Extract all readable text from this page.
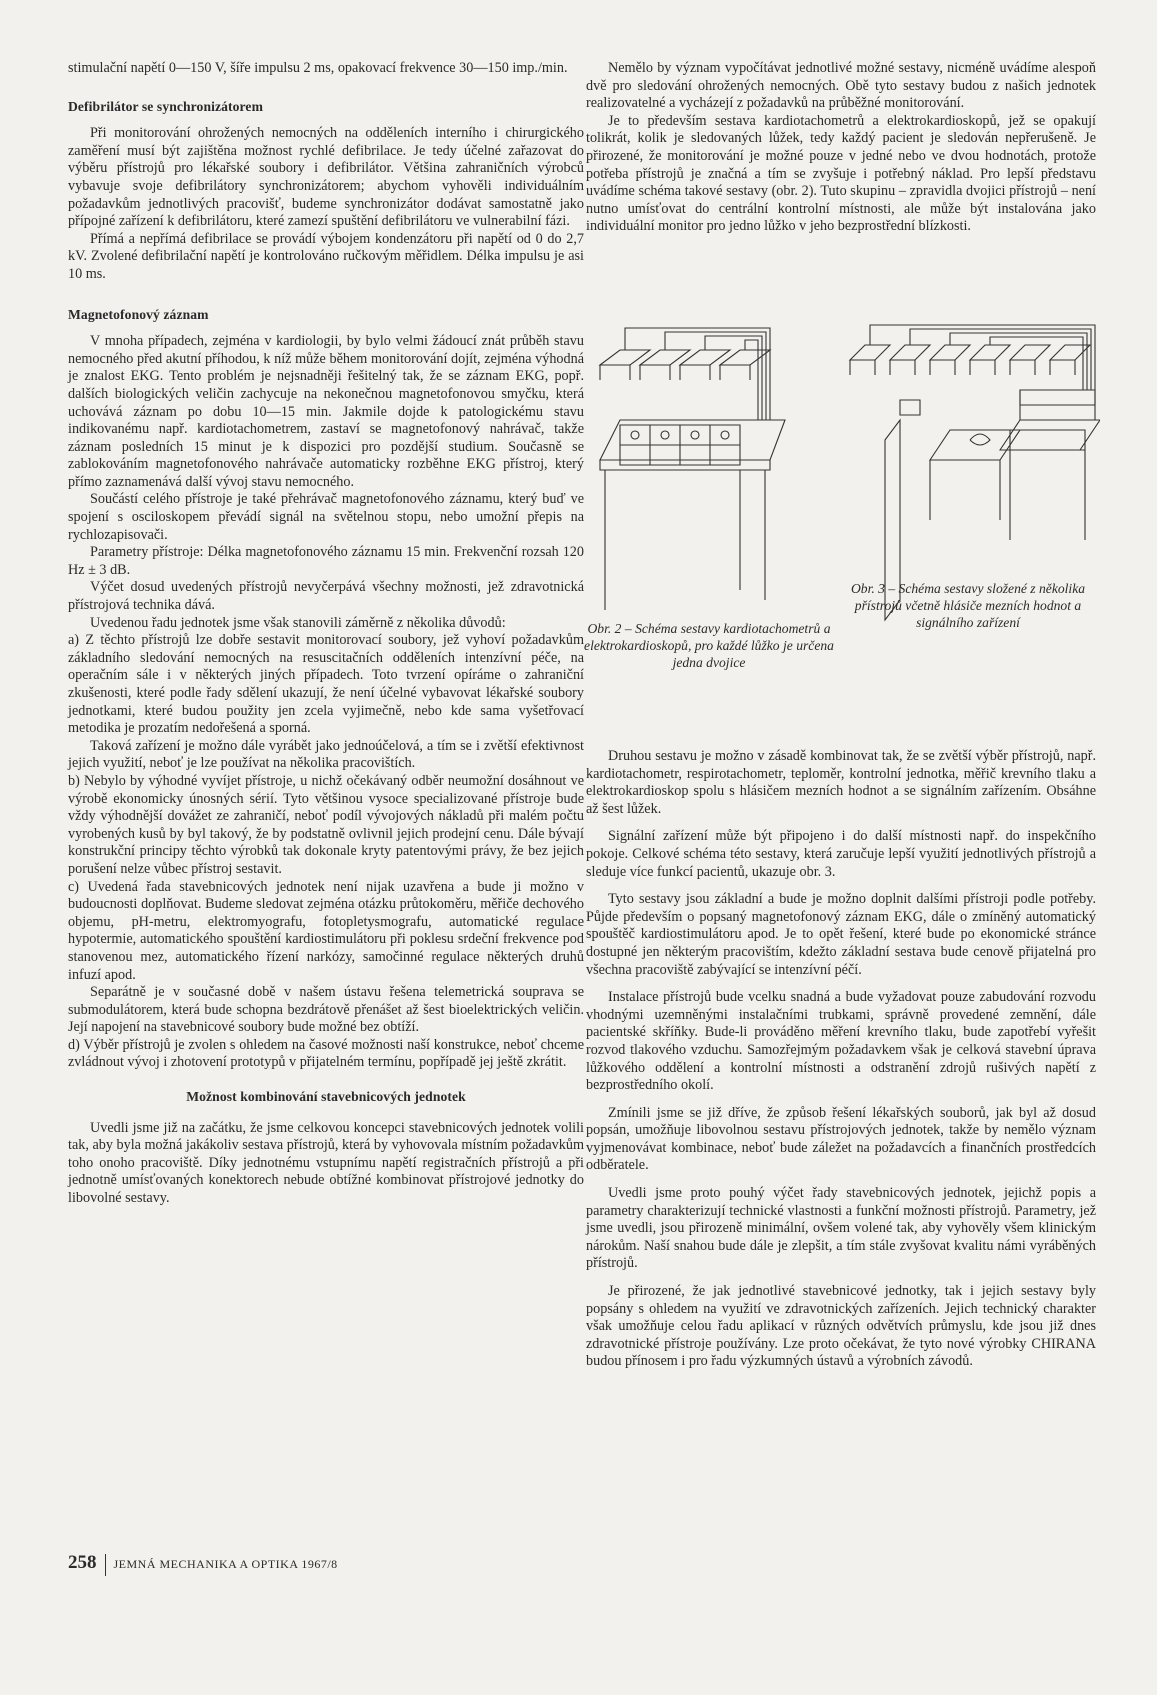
stimulační napětí 0—150 V, šíře impulsu 2 ms, opakovací frekvence 30—150 imp./min.

Defibrilátor se synchronizátorem

Při monitorování ohrožených nemocných na odděleních interního i chirurgického zaměření musí být zajištěna možnost rychlé defibrilace. Je tedy účelné zařazovat do výběru přístrojů pro lékařské soubory i defibrilátor. Většina zahraničních výrobců vybavuje svoje defibrilátory synchronizátorem; abychom vyhověli individuálním požadavkům jednotlivých pracovišť, budeme synchronizátor dodávat samostatně jako přípojné zařízení k defibrilátoru, které zamezí spuštění defibrilátoru ve vulnerabilní fázi.

Přímá a nepřímá defibrilace se provádí výbojem kondenzátoru při napětí od 0 do 2,7 kV. Zvolené defibrilační napětí je kontrolováno ručkovým měřidlem. Délka impulsu je asi 10 ms.

Magnetofonový záznam

V mnoha případech, zejména v kardiologii, by bylo velmi žádoucí znát průběh stavu nemocného před akutní příhodou, k níž může během monitorování dojít, zejména výhodná je znalost EKG. Tento problém je nejsnadněji řešitelný tak, že se záznam EKG, popř. dalších biologických veličin zachycuje na nekonečnou magnetofonovou smyčku, která uchovává záznam po dobu 10—15 min. Jakmile dojde k patologickému stavu indikovanému např. kardiotachometrem, zastaví se magnetofonový nahrávač, takže záznam posledních 15 minut je k dispozici pro pozdější studium. Současně se zablokováním magnetofonového nahrávače automaticky rozběhne EKG přístroj, který přímo zaznamenává další vývoj stavu nemocného.

Součástí celého přístroje je také přehrávač magnetofonového záznamu, který buď ve spojení s osciloskopem převádí signál na světelnou stopu, nebo umožní přepis na rychlozapisovači.

Parametry přístroje: Délka magnetofonového záznamu 15 min. Frekvenční rozsah 120 Hz ± 3 dB.

Výčet dosud uvedených přístrojů nevyčerpává všechny možnosti, jež zdravotnická přístrojová technika dává.

Uvedenou řadu jednotek jsme však stanovili záměrně z několika důvodů:

a) Z těchto přístrojů lze dobře sestavit monitorovací soubory, jež vyhoví požadavkům základního sledování nemocných na resuscitačních odděleních intenzívní péče, na operačním sále i v některých jiných případech. Toto tvrzení opíráme o zahraniční zkušenosti, které podle řady sdělení ukazují, že není účelné vybavovat lékařské soubory jednotkami, které budou použity jen zcela vyjimečně, nebo kde sama vyšetřovací metodika je prozatím nedořešená a sporná.

Taková zařízení je možno dále vyrábět jako jednoúčelová, a tím se i zvětší efektivnost jejich využití, neboť je lze používat na několika pracovištích.

b) Nebylo by výhodné vyvíjet přístroje, u nichž očekávaný odběr neumožní dosáhnout ve výrobě ekonomicky únosných sérií. Tyto většinou vysoce specializované přístroje bude vždy výhodnější dovážet ze zahraničí, neboť podíl vývojových nákladů při malém počtu vyrobených kusů by byl takový, že by podstatně ovlivnil jejich prodejní cenu. Dále bývají konstrukční principy těchto výrobků tak dokonale kryty patentovými právy, že bez jejich porušení nelze vůbec přístroj sestavit.

c) Uvedená řada stavebnicových jednotek není nijak uzavřena a bude ji možno v budoucnosti doplňovat. Budeme sledovat zejména otázku průtokoměru, měřiče dechového objemu, pH-metru, elektromyografu, fotopletysmografu, automatické regulace hypotermie, automatického spouštění kardiostimulátoru při poklesu srdeční frekvence pod stanovenou mez, automatického řízení narkózy, samočinné regulace některých druhů infuzí apod.

Separátně je v současné době v našem ústavu řešena telemetrická souprava se submodulátorem, která bude schopna bezdrátově přenášet až šest bioelektrických veličin. Její napojení na stavebnicové soubory bude možné bez obtíží.

d) Výběr přístrojů je zvolen s ohledem na časové možnosti naší konstrukce, neboť chceme zvládnout vývoj i zhotovení prototypů v přijatelném termínu, popřípadě jej ještě zkrátit.

Možnost kombinování stavebnicových jednotek

Uvedli jsme již na začátku, že jsme celkovou koncepci stavebnicových jednotek volili tak, aby byla možná jakákoliv sestava přístrojů, která by vyhovovala místním požadavkům toho onoho pracoviště. Díky jednotnému vstupnímu napětí registračních přístrojů a při jednotně umísťovaných konektorech nebude obtížné kombinovat přístrojové jednotky do libovolné sestavy.

Nemělo by význam vypočítávat jednotlivé možné sestavy, nicméně uvádíme alespoň dvě pro sledování ohrožených nemocných. Obě tyto sestavy budou z našich jednotek realizovatelné a vycházejí z požadavků na průběžné monitorování.

Je to především sestava kardiotachometrů a elektrokardioskopů, jež se opakují tolikrát, kolik je sledovaných lůžek, tedy každý pacient je sledován nepřerušeně. Je přirozené, že monitorování je možné pouze v jedné nebo ve dvou hodnotách, protože potřeba přístrojů je značná a tím se zvyšuje i potřebný náklad. Pro lepší představu uvádíme schéma takové sestavy (obr. 2). Tuto skupinu – zpravidla dvojici přístrojů – není nutno umísťovat do centrální kontrolní místnosti, ale může být instalována jako individuální monitor pro jedno lůžko v jeho bezprostřední blízkosti.

Obr. 2 – Schéma sestavy kardiotachometrů a elektrokardioskopů, pro každé lůžko je určena jedna dvojice
Obr. 3 – Schéma sestavy složené z několika přístrojů včetně hlásiče mezních hodnot a signálního zařízení

Druhou sestavu je možno v zásadě kombinovat tak, že se zvětší výběr přístrojů, např. kardiotachometr, respirotachometr, teploměr, kontrolní jednotka, měřič krevního tlaku a elektrokardioskop spolu s hlásičem mezních hodnot a se signálním zařízením. Obsáhne až šest lůžek.

Signální zařízení může být připojeno i do další místnosti např. do inspekčního pokoje. Celkové schéma této sestavy, která zaručuje lepší využití jednotlivých přístrojů a sleduje více funkcí pacientů, ukazuje obr. 3.

Tyto sestavy jsou základní a bude je možno doplnit dalšími přístroji podle potřeby. Půjde především o popsaný magnetofonový záznam EKG, dále o zmíněný automatický spouštěč kardiostimulátoru apod. Je to opět řešení, které bude po ekonomické stránce dostupné jen některým pracovištím, kdežto základní sestava bude cenově přijatelná pro všechna pracoviště zabývající se intenzívní péčí.

Instalace přístrojů bude vcelku snadná a bude vyžadovat pouze zabudování rozvodu vhodnými uzemněnými instalačními trubkami, správně provedené zemnění, dále pacientské skříňky. Bude-li prováděno měření krevního tlaku, bude zapotřebí vyřešit rozvod tlakového vzduchu. Samozřejmým požadavkem však je celková stavební úprava lůžkového oddělení a kontrolní místnosti a odstranění zdrojů rušivých napětí z bezprostředního okolí.

Zmínili jsme se již dříve, že způsob řešení lékařských souborů, jak byl až dosud popsán, umožňuje libovolnou sestavu přístrojových jednotek, takže by nemělo význam vyjmenovávat kombinace, neboť bude záležet na požadavcích a finančních prostředcích odběratele.

Uvedli jsme proto pouhý výčet řady stavebnicových jednotek, jejichž popis a parametry charakterizují technické vlastnosti a funkční možnosti přístrojů. Parametry, jež jsme uvedli, jsou přirozeně minimální, ovšem volené tak, aby vyhověly všem klinickým nárokům. Naší snahou bude dále je zlepšit, a tím stále zvyšovat kvalitu námi vyráběných přístrojů.

Je přirozené, že jak jednotlivé stavebnicové jednotky, tak i jejich sestavy byly popsány s ohledem na využití ve zdravotnických zařízeních. Jejich technický charakter však umožňuje celou řadu aplikací v různých odvětvích průmyslu, kde jsou již dnes zdravotnické přístroje používány. Lze proto očekávat, že tyto nové výrobky CHIRANA budou přínosem i pro řadu výzkumných ústavů a výrobních závodů.

258 JEMNÁ MECHANIKA A OPTIKA 1967/8
